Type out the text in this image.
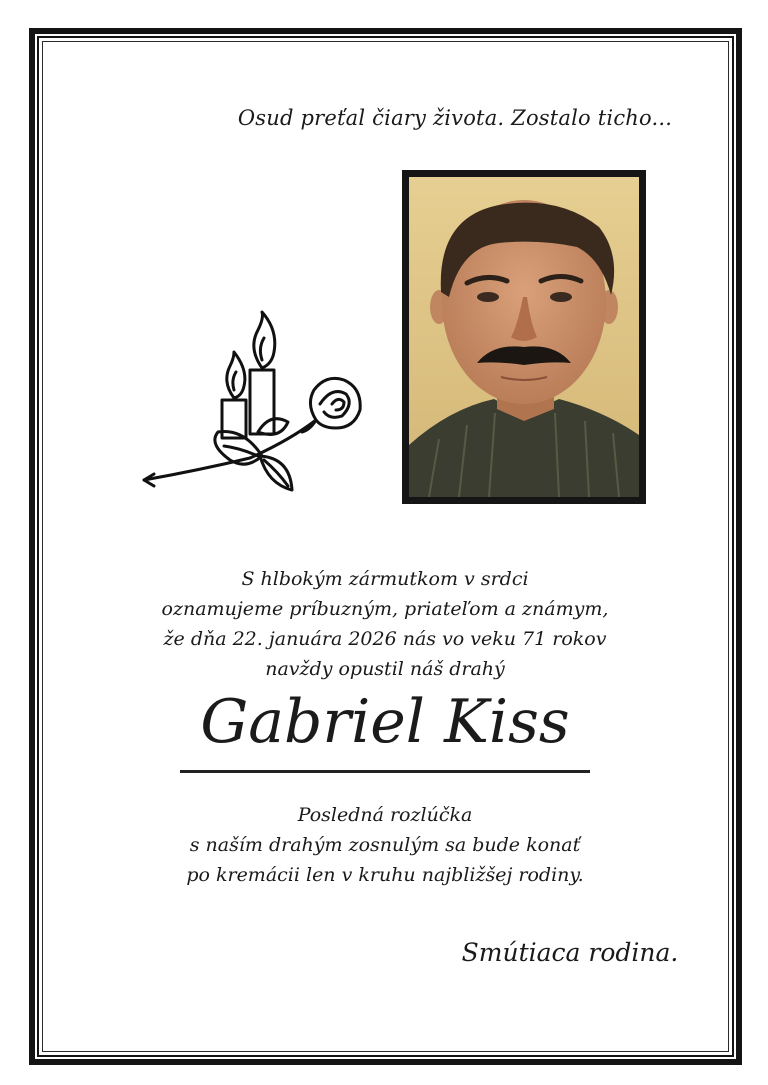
Osud preťal čiary života. Zostalo ticho...
S hlbokým zármutkom v srdci
oznamujeme príbuzným, priateľom a známym,
že dňa 22. januára 2026 nás vo veku 71 rokov
navždy opustil náš drahý
Gabriel Kiss
Posledná rozlúčka
s naším drahým zosnulým sa bude konať
po kremácii len v kruhu najbližšej rodiny.
Smútiaca rodina.
